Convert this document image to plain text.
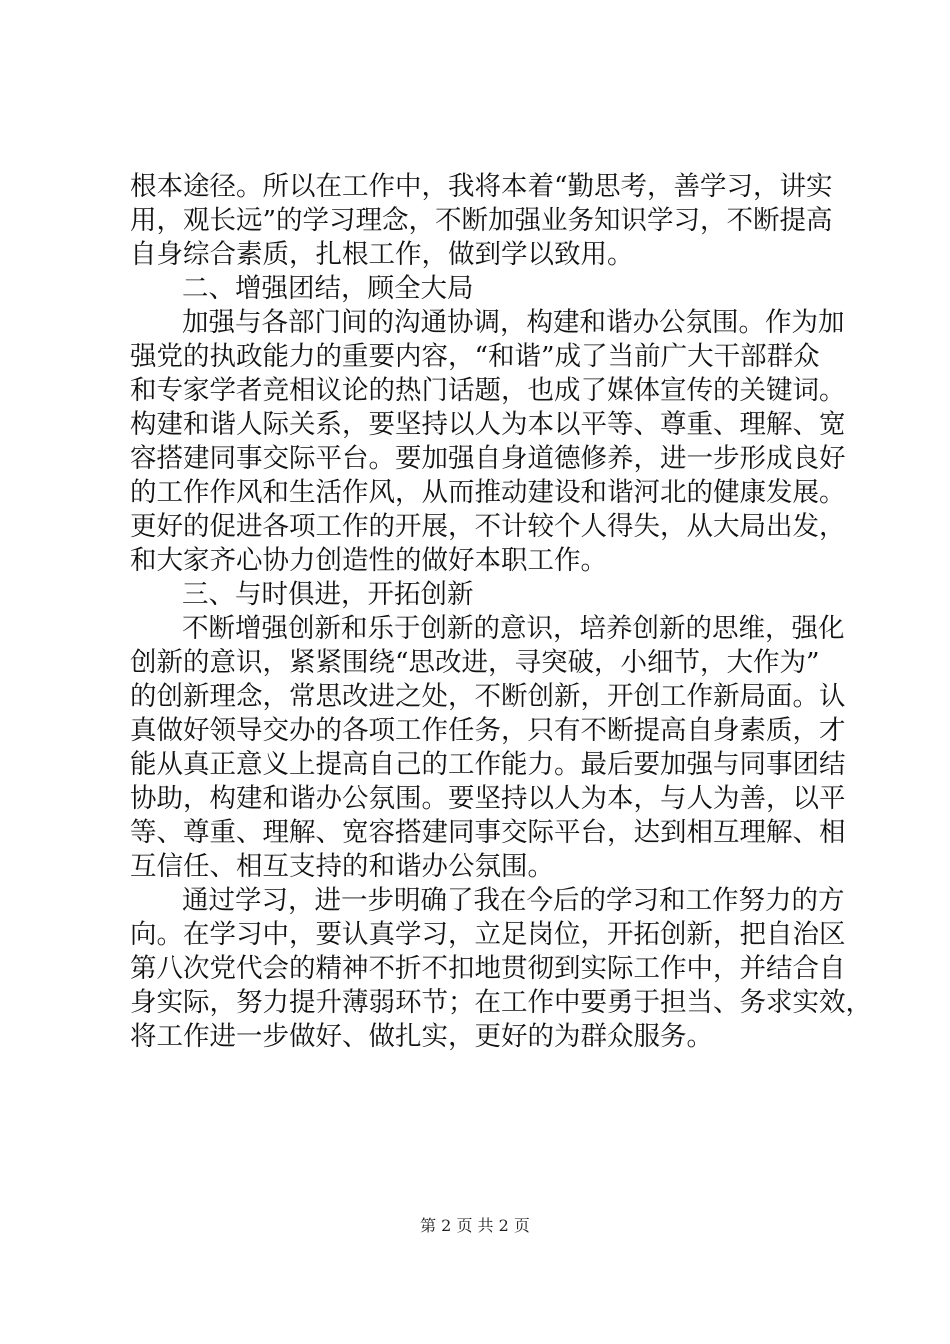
根本途径。所以在工作中，我将本着“勤思考，善学习，讲实

用，观长远”的学习理念，不断加强业务知识学习，不断提高

自身综合素质，扎根工作，做到学以致用。

二、增强团结，顾全大局

加强与各部门间的沟通协调，构建和谐办公氛围。作为加

强党的执政能力的重要内容，“和谐”成了当前广大干部群众

和专家学者竞相议论的热门话题，也成了媒体宣传的关键词。

构建和谐人际关系，要坚持以人为本以平等、尊重、理解、宽

容搭建同事交际平台。要加强自身道德修养，进一步形成良好

的工作作风和生活作风，从而推动建设和谐河北的健康发展。

更好的促进各项工作的开展，不计较个人得失，从大局出发，

和大家齐心协力创造性的做好本职工作。

三、与时俱进，开拓创新

不断增强创新和乐于创新的意识，培养创新的思维，强化

创新的意识，紧紧围绕“思改进，寻突破，小细节，大作为”

的创新理念，常思改进之处，不断创新，开创工作新局面。认

真做好领导交办的各项工作任务，只有不断提高自身素质，才

能从真正意义上提高自己的工作能力。最后要加强与同事团结

协助，构建和谐办公氛围。要坚持以人为本，与人为善，以平

等、尊重、理解、宽容搭建同事交际平台，达到相互理解、相

互信任、相互支持的和谐办公氛围。

通过学习，进一步明确了我在今后的学习和工作努力的方

向。在学习中，要认真学习，立足岗位，开拓创新，把自治区

第八次党代会的精神不折不扣地贯彻到实际工作中，并结合自

身实际，努力提升薄弱环节；在工作中要勇于担当、务求实效，

将工作进一步做好、做扎实，更好的为群众服务。

第 2 页 共 2 页
